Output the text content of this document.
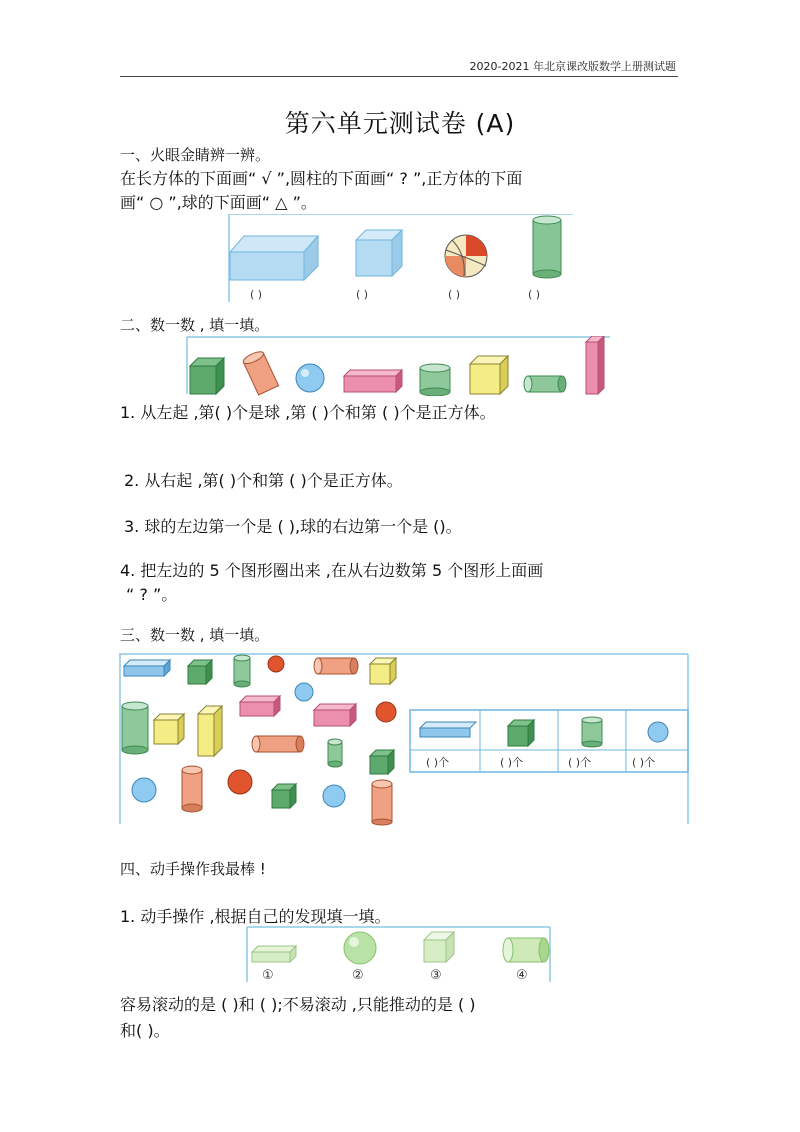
2020-2021 年北京课改版数学上册测试题
第六单元测试卷 (A)
一、火眼金睛辨一辨。
在长方体的下面画“ √ ”,圆柱的下面画“ ? ”,正方体的下面
画“ ○ ”,球的下面画“ △ ”。
( )	( )	( )	( )
二、数一数 , 填一填。
1. 从左起 ,第( )个是球 ,第 ( )个和第 ( )个是正方体。
2. 从右起 ,第( )个和第 ( )个是正方体。
3. 球的左边第一个是 ( ),球的右边第一个是 ()。
4. 把左边的 5 个图形圈出来 ,在从右边数第 5 个图形上面画
“ ? ”。
三、数一数 , 填一填。
( )个	( )个	( )个	( )个
四、动手操作我最棒 !
1. 动手操作 ,根据自己的发现填一填。
①	②	③	④
容易滚动的是 ( )和 ( );不易滚动 ,只能推动的是 ( )
和( )。
